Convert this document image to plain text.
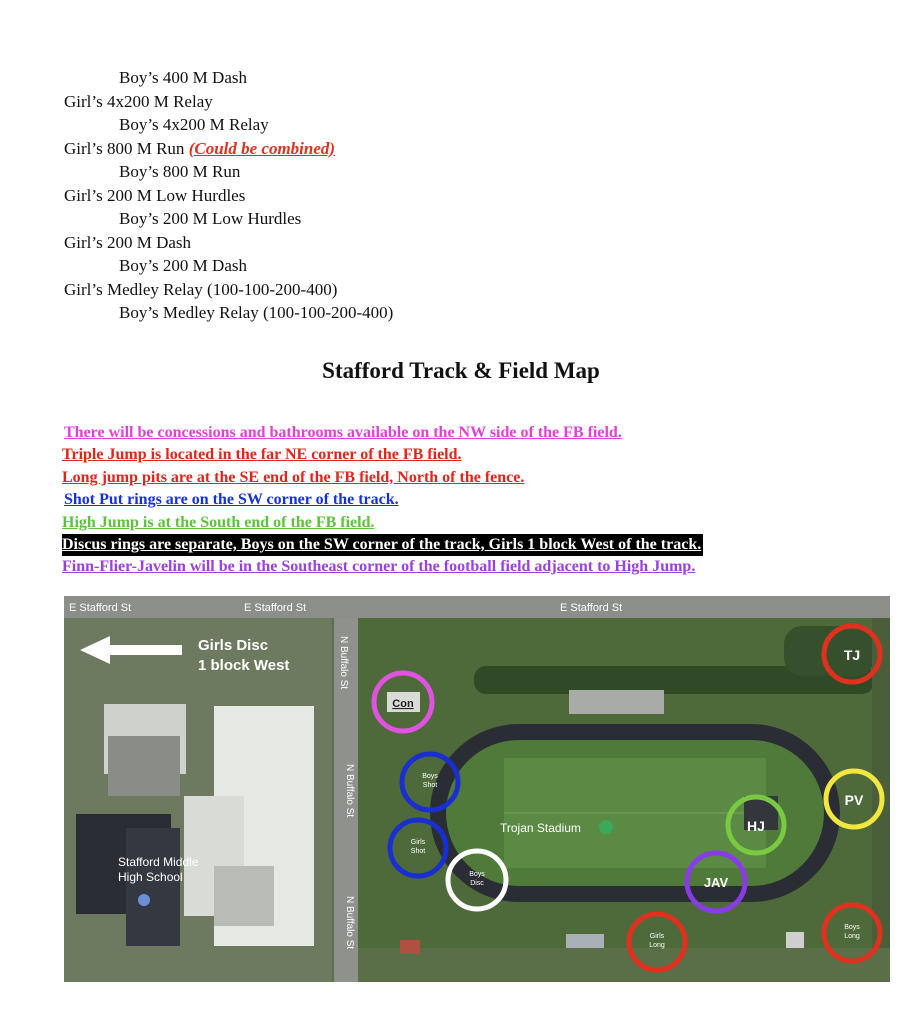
Boy’s 400 M Dash
Girl’s 4x200 M Relay
Boy’s 4x200 M Relay
Girl’s 800 M Run (Could be combined)
Boy’s 800 M Run
Girl’s 200 M Low Hurdles
Boy’s 200 M Low Hurdles
Girl’s 200 M Dash
Boy’s 200 M Dash
Girl’s Medley Relay (100-100-200-400)
Boy’s Medley Relay (100-100-200-400)
Stafford Track & Field Map
There will be concessions and bathrooms available on the NW side of the FB field.
Triple Jump is located in the far NE corner of the FB field.
Long jump pits are at the SE end of the FB field, North of the fence.
Shot Put rings are on the SW corner of the track.
High Jump is at the South end of the FB field.
Discus rings are separate, Boys on the SW corner of the track, Girls 1 block West of the track.
Finn-Flier-Javelin will be in the Southeast corner of the football field adjacent to High Jump.
E Stafford St	E Stafford St	E Stafford St
N Buffalo St
N Buffalo St
N Buffalo St
Girls Disc
1 block West
Stafford Middle
High School
Trojan Stadium
TJ
Con
Boys
Shot
Girls
Shot
Boys
Disc
HJ
PV
JAV
Girls
Long
Boys
Long
